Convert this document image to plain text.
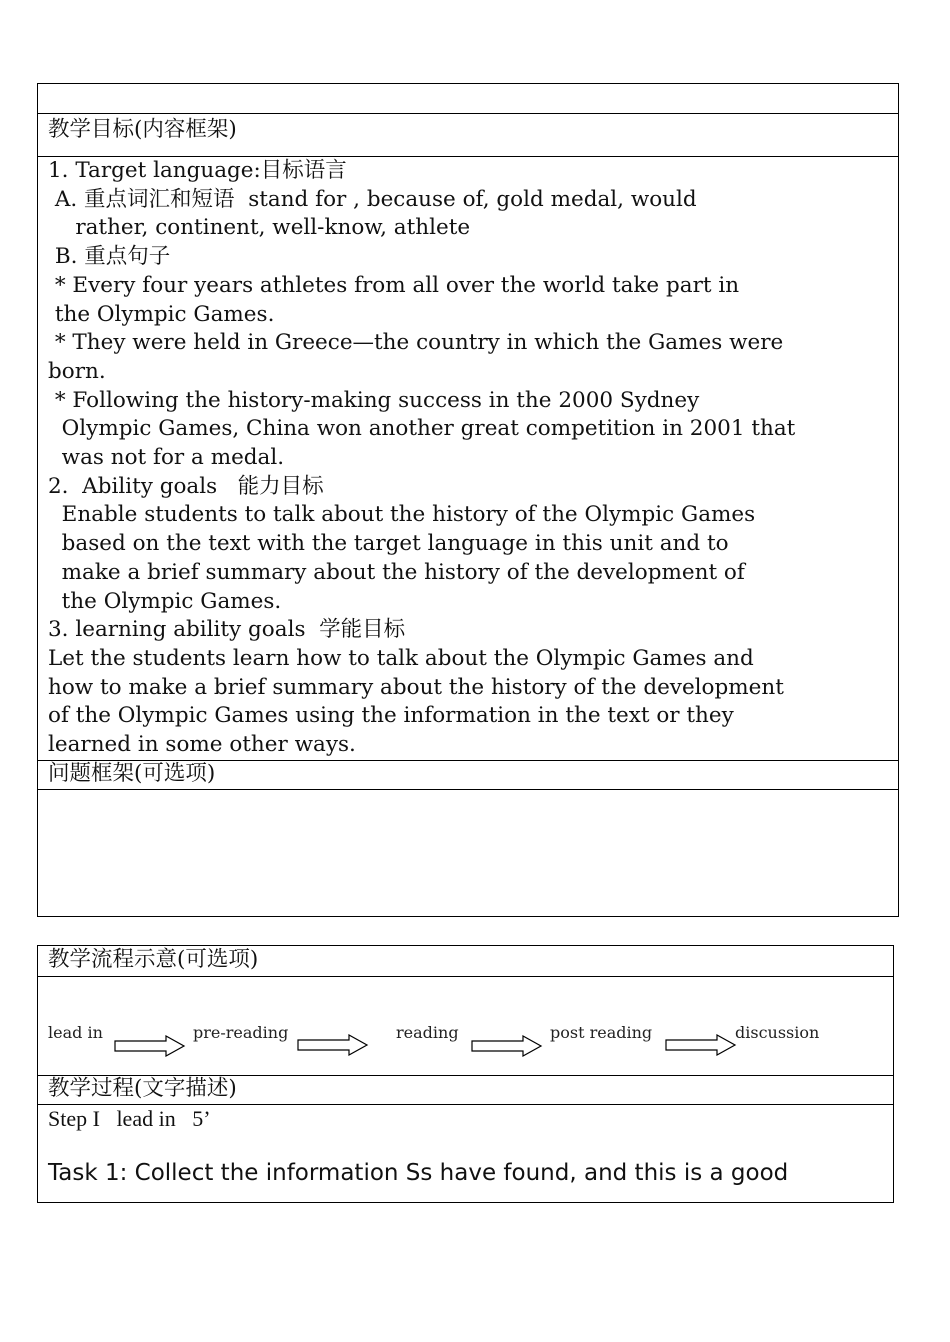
教学目标(内容框架)
1. Target language:目标语言
A. 重点词汇和短语  stand for , because of, gold medal, would
rather, continent, well-know, athlete
B. 重点句子
* Every four years athletes from all over the world take part in
the Olympic Games.
* They were held in Greece—the country in which the Games were
born.
* Following the history-making success in the 2000 Sydney
Olympic Games, China won another great competition in 2001 that
was not for a medal.
2.  Ability goals   能力目标
Enable students to talk about the history of the Olympic Games
based on the text with the target language in this unit and to
make a brief summary about the history of the development of
the Olympic Games.
3. learning ability goals  学能目标
Let the students learn how to talk about the Olympic Games and
how to make a brief summary about the history of the development
of the Olympic Games using the information in the text or they
learned in some other ways.
问题框架(可选项)
教学流程示意(可选项)
lead in	pre-reading	reading	post reading	discussion
教学过程(文字描述)
Step I   lead in   5’
Task 1: Collect the information Ss have found, and this is a good
